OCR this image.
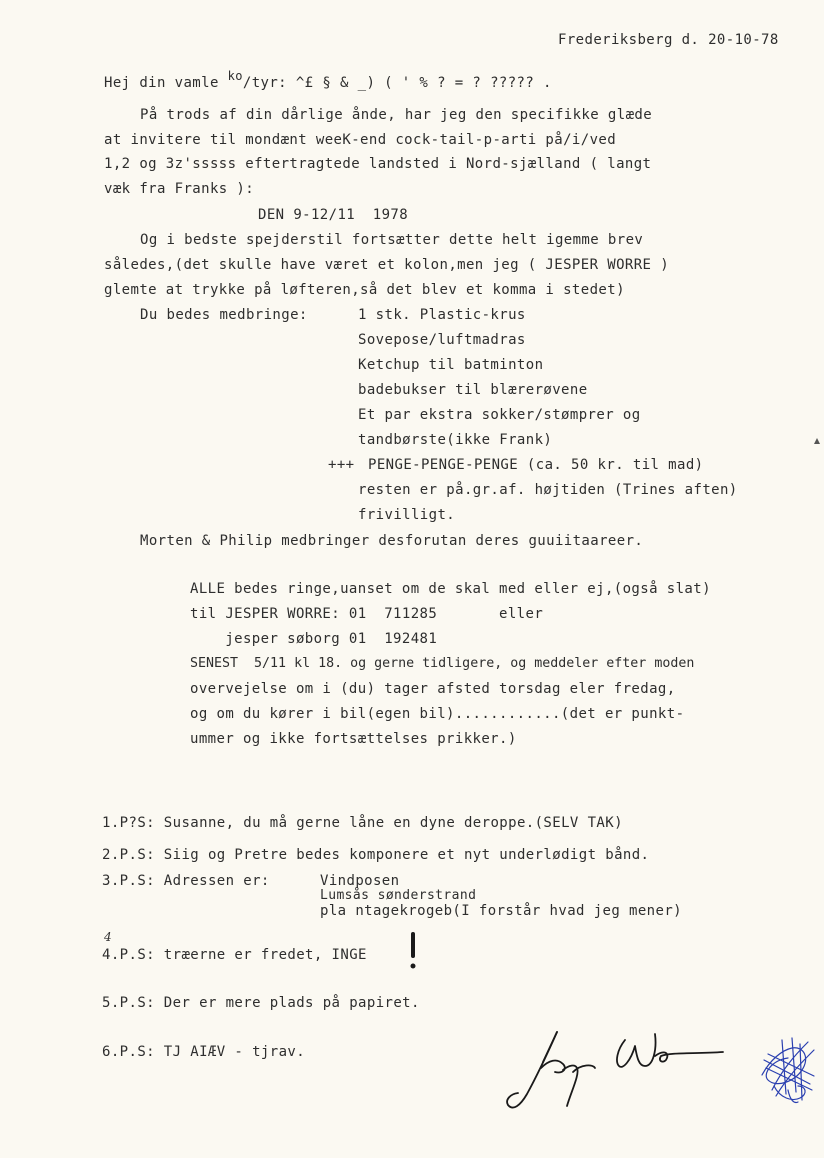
Frederiksberg d. 20-10-78
Hej din vamle ko/tyr: ^£ § & _) ( ' % ? = ? ????? .
På trods af din dårlige ånde, har jeg den specifikke glæde
at invitere til mondænt weeK-end cock-tail-p-arti på/i/ved
1,2 og 3z'sssss eftertragtede landsted i Nord-sjælland ( langt
væk fra Franks ):
DEN 9-12/11  1978
Og i bedste spejderstil fortsætter dette helt igemme brev
således,(det skulle have været et kolon,men jeg ( JESPER WORRE )
glemte at trykke på løfteren,så det blev et komma i stedet)
Du bedes medbringe:	1 stk. Plastic-krus
Sovepose/luftmadras
Ketchup til batminton
badebukser til blærerøvene
Et par ekstra sokker/stømprer og
tandbørste(ikke Frank)
+++ PENGE-PENGE-PENGE (ca. 50 kr. til mad)
resten er på.gr.af. højtiden (Trines aften)
frivilligt.
Morten & Philip medbringer desforutan deres guuiitaareer.
ALLE bedes ringe,uanset om de skal med eller ej,(også slat)
til JESPER WORRE: 01  711285       eller
jesper søborg 01  192481
SENEST  5/11 kl 18. og gerne tidligere, og meddeler efter moden
overvejelse om i (du) tager afsted torsdag eler fredag,
og om du kører i bil(egen bil)............(det er punkt-
ummer og ikke fortsættelses prikker.)
1.P?S: Susanne, du må gerne låne en dyne deroppe.(SELV TAK)
2.P.S: Siig og Pretre bedes komponere et nyt underlødigt bånd.
3.P.S: Adressen er:	Vindposen
Lumsås sønderstrand
pla ntagekrogeb(I forstår hvad jeg mener)
4
4.P.S: træerne er fredet, INGE
5.P.S: Der er mere plads på papiret.
6.P.S: TJ AIÆV - tjrav.
